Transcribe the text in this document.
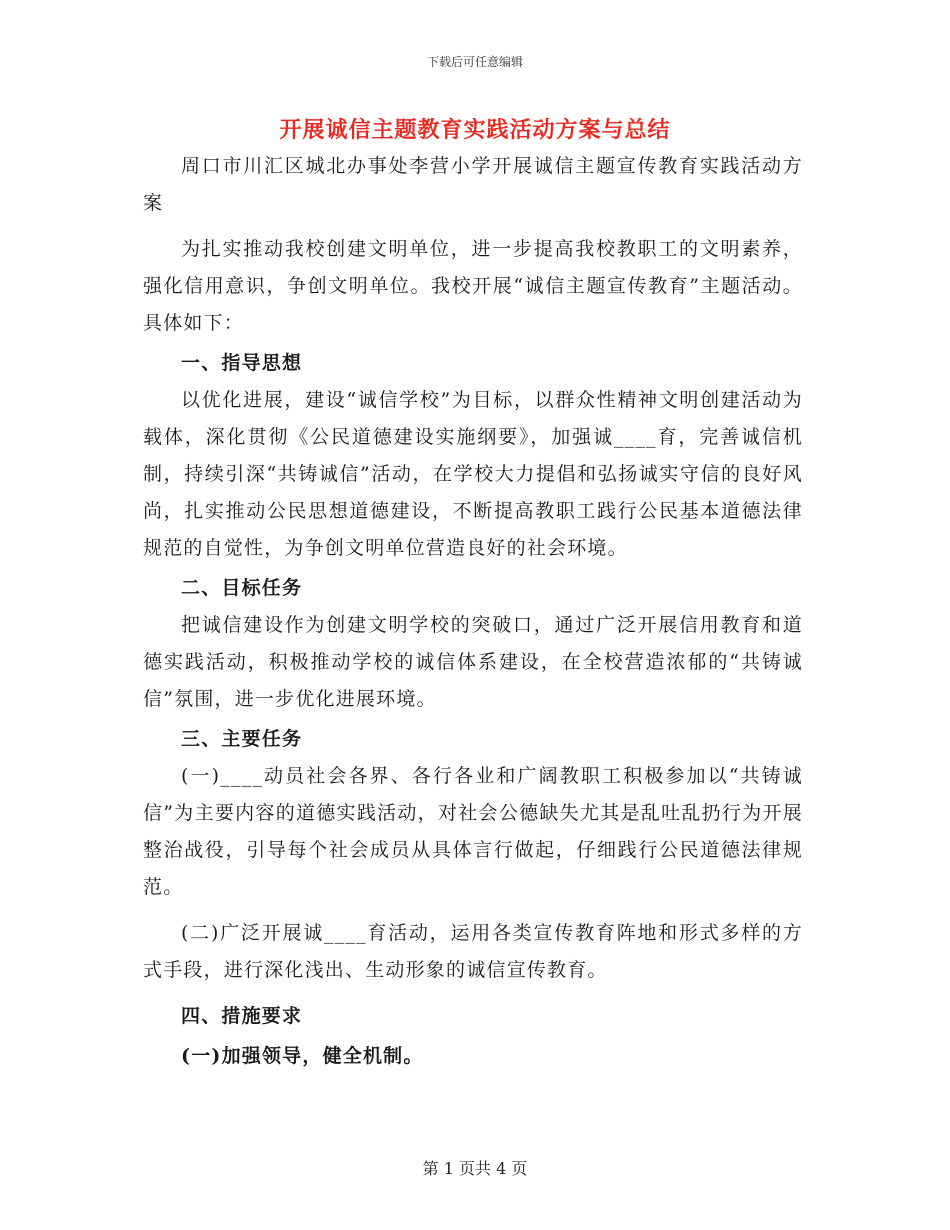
下载后可任意编辑
开展诚信主题教育实践活动方案与总结

周口市川汇区城北办事处李营小学开展诚信主题宣传教育实践活动方案

为扎实推动我校创建文明单位，进一步提高我校教职工的文明素养，强化信用意识，争创文明单位。我校开展“诚信主题宣传教育”主题活动。具体如下：

一、指导思想

以优化进展，建设“诚信学校”为目标，以群众性精神文明创建活动为载体，深化贯彻《公民道德建设实施纲要》，加强诚____育，完善诚信机制，持续引深“共铸诚信”活动，在学校大力提倡和弘扬诚实守信的良好风尚，扎实推动公民思想道德建设，不断提高教职工践行公民基本道德法律规范的自觉性，为争创文明单位营造良好的社会环境。

二、目标任务

把诚信建设作为创建文明学校的突破口，通过广泛开展信用教育和道德实践活动，积极推动学校的诚信体系建设，在全校营造浓郁的“共铸诚信”氛围，进一步优化进展环境。

三、主要任务

(一)____动员社会各界、各行各业和广阔教职工积极参加以“共铸诚信”为主要内容的道德实践活动，对社会公德缺失尤其是乱吐乱扔行为开展整治战役，引导每个社会成员从具体言行做起，仔细践行公民道德法律规范。

(二)广泛开展诚____育活动，运用各类宣传教育阵地和形式多样的方式手段，进行深化浅出、生动形象的诚信宣传教育。

四、措施要求

(一)加强领导，健全机制。

第 1 页共 4 页
